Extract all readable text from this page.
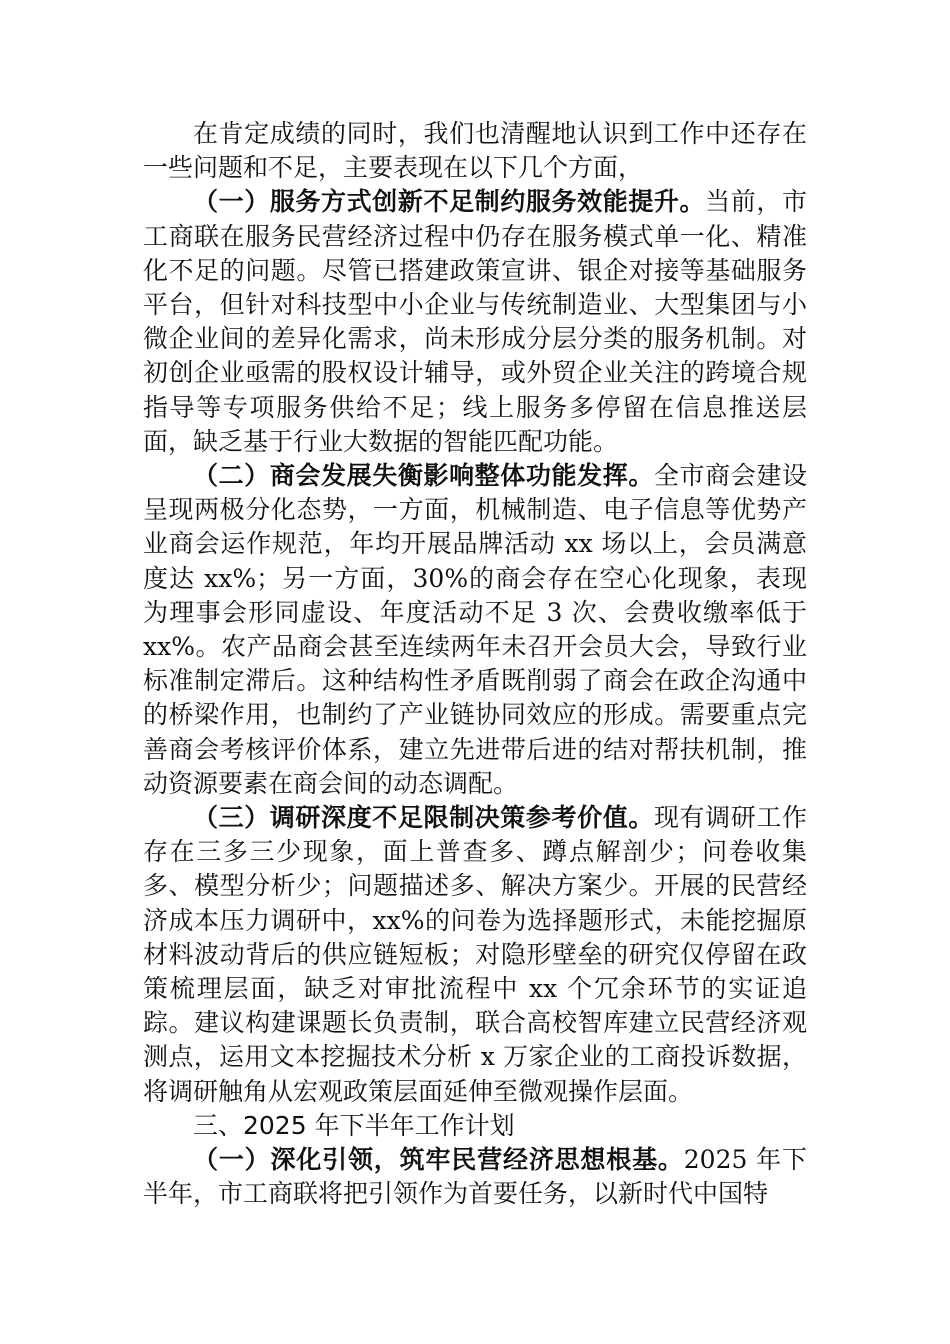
在肯定成绩的同时，我们也清醒地认识到工作中还存在一些问题和不足，主要表现在以下几个方面，

（一）服务方式创新不足制约服务效能提升。当前，市工商联在服务民营经济过程中仍存在服务模式单一化、精准化不足的问题。尽管已搭建政策宣讲、银企对接等基础服务平台，但针对科技型中小企业与传统制造业、大型集团与小微企业间的差异化需求，尚未形成分层分类的服务机制。对初创企业亟需的股权设计辅导，或外贸企业关注的跨境合规指导等专项服务供给不足；线上服务多停留在信息推送层面，缺乏基于行业大数据的智能匹配功能。

（二）商会发展失衡影响整体功能发挥。全市商会建设呈现两极分化态势，一方面，机械制造、电子信息等优势产业商会运作规范，年均开展品牌活动 xx 场以上，会员满意度达 xx%；另一方面，30%的商会存在空心化现象，表现为理事会形同虚设、年度活动不足 3 次、会费收缴率低于 xx%。农产品商会甚至连续两年未召开会员大会，导致行业标准制定滞后。这种结构性矛盾既削弱了商会在政企沟通中的桥梁作用，也制约了产业链协同效应的形成。需要重点完善商会考核评价体系，建立先进带后进的结对帮扶机制，推动资源要素在商会间的动态调配。

（三）调研深度不足限制决策参考价值。现有调研工作存在三多三少现象，面上普查多、蹲点解剖少；问卷收集多、模型分析少；问题描述多、解决方案少。开展的民营经济成本压力调研中，xx%的问卷为选择题形式，未能挖掘原材料波动背后的供应链短板；对隐形壁垒的研究仅停留在政策梳理层面，缺乏对审批流程中 xx 个冗余环节的实证追踪。建议构建课题长负责制，联合高校智库建立民营经济观测点，运用文本挖掘技术分析 x 万家企业的工商投诉数据，将调研触角从宏观政策层面延伸至微观操作层面。

三、2025 年下半年工作计划

（一）深化引领，筑牢民营经济思想根基。2025 年下半年，市工商联将把引领作为首要任务，以新时代中国特
